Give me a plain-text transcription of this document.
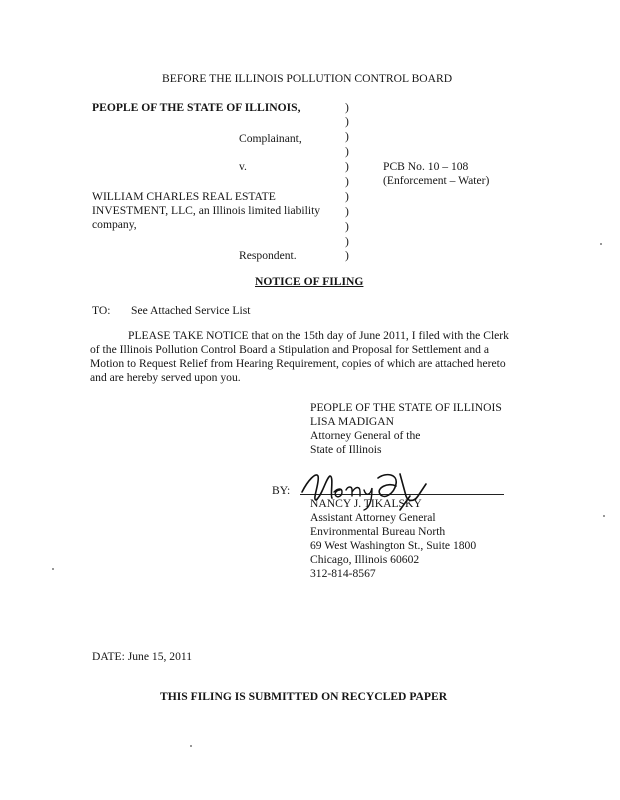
BEFORE THE ILLINOIS POLLUTION CONTROL BOARD
PEOPLE OF THE STATE OF ILLINOIS,
Complainant,
v.	PCB No. 10 – 108
(Enforcement – Water)
WILLIAM CHARLES REAL ESTATE
INVESTMENT, LLC, an Illinois limited liability
company,
Respondent.
)
)
)
)
)
)
)
)
)
)
)
NOTICE OF FILING
TO: See Attached Service List
PLEASE TAKE NOTICE that on the 15th day of June 2011, I filed with the Clerk
of the Illinois Pollution Control Board a Stipulation and Proposal for Settlement and a
Motion to Request Relief from Hearing Requirement, copies of which are attached hereto
and are hereby served upon you.
PEOPLE OF THE STATE OF ILLINOIS
LISA MADIGAN
Attorney General of the
State of Illinois
BY:
Nancy J. Tikalsky
NANCY J. TIKALSKY
Assistant Attorney General
Environmental Bureau North
69 West Washington St., Suite 1800
Chicago, Illinois 60602
312-814-8567
DATE: June 15, 2011
THIS FILING IS SUBMITTED ON RECYCLED PAPER
